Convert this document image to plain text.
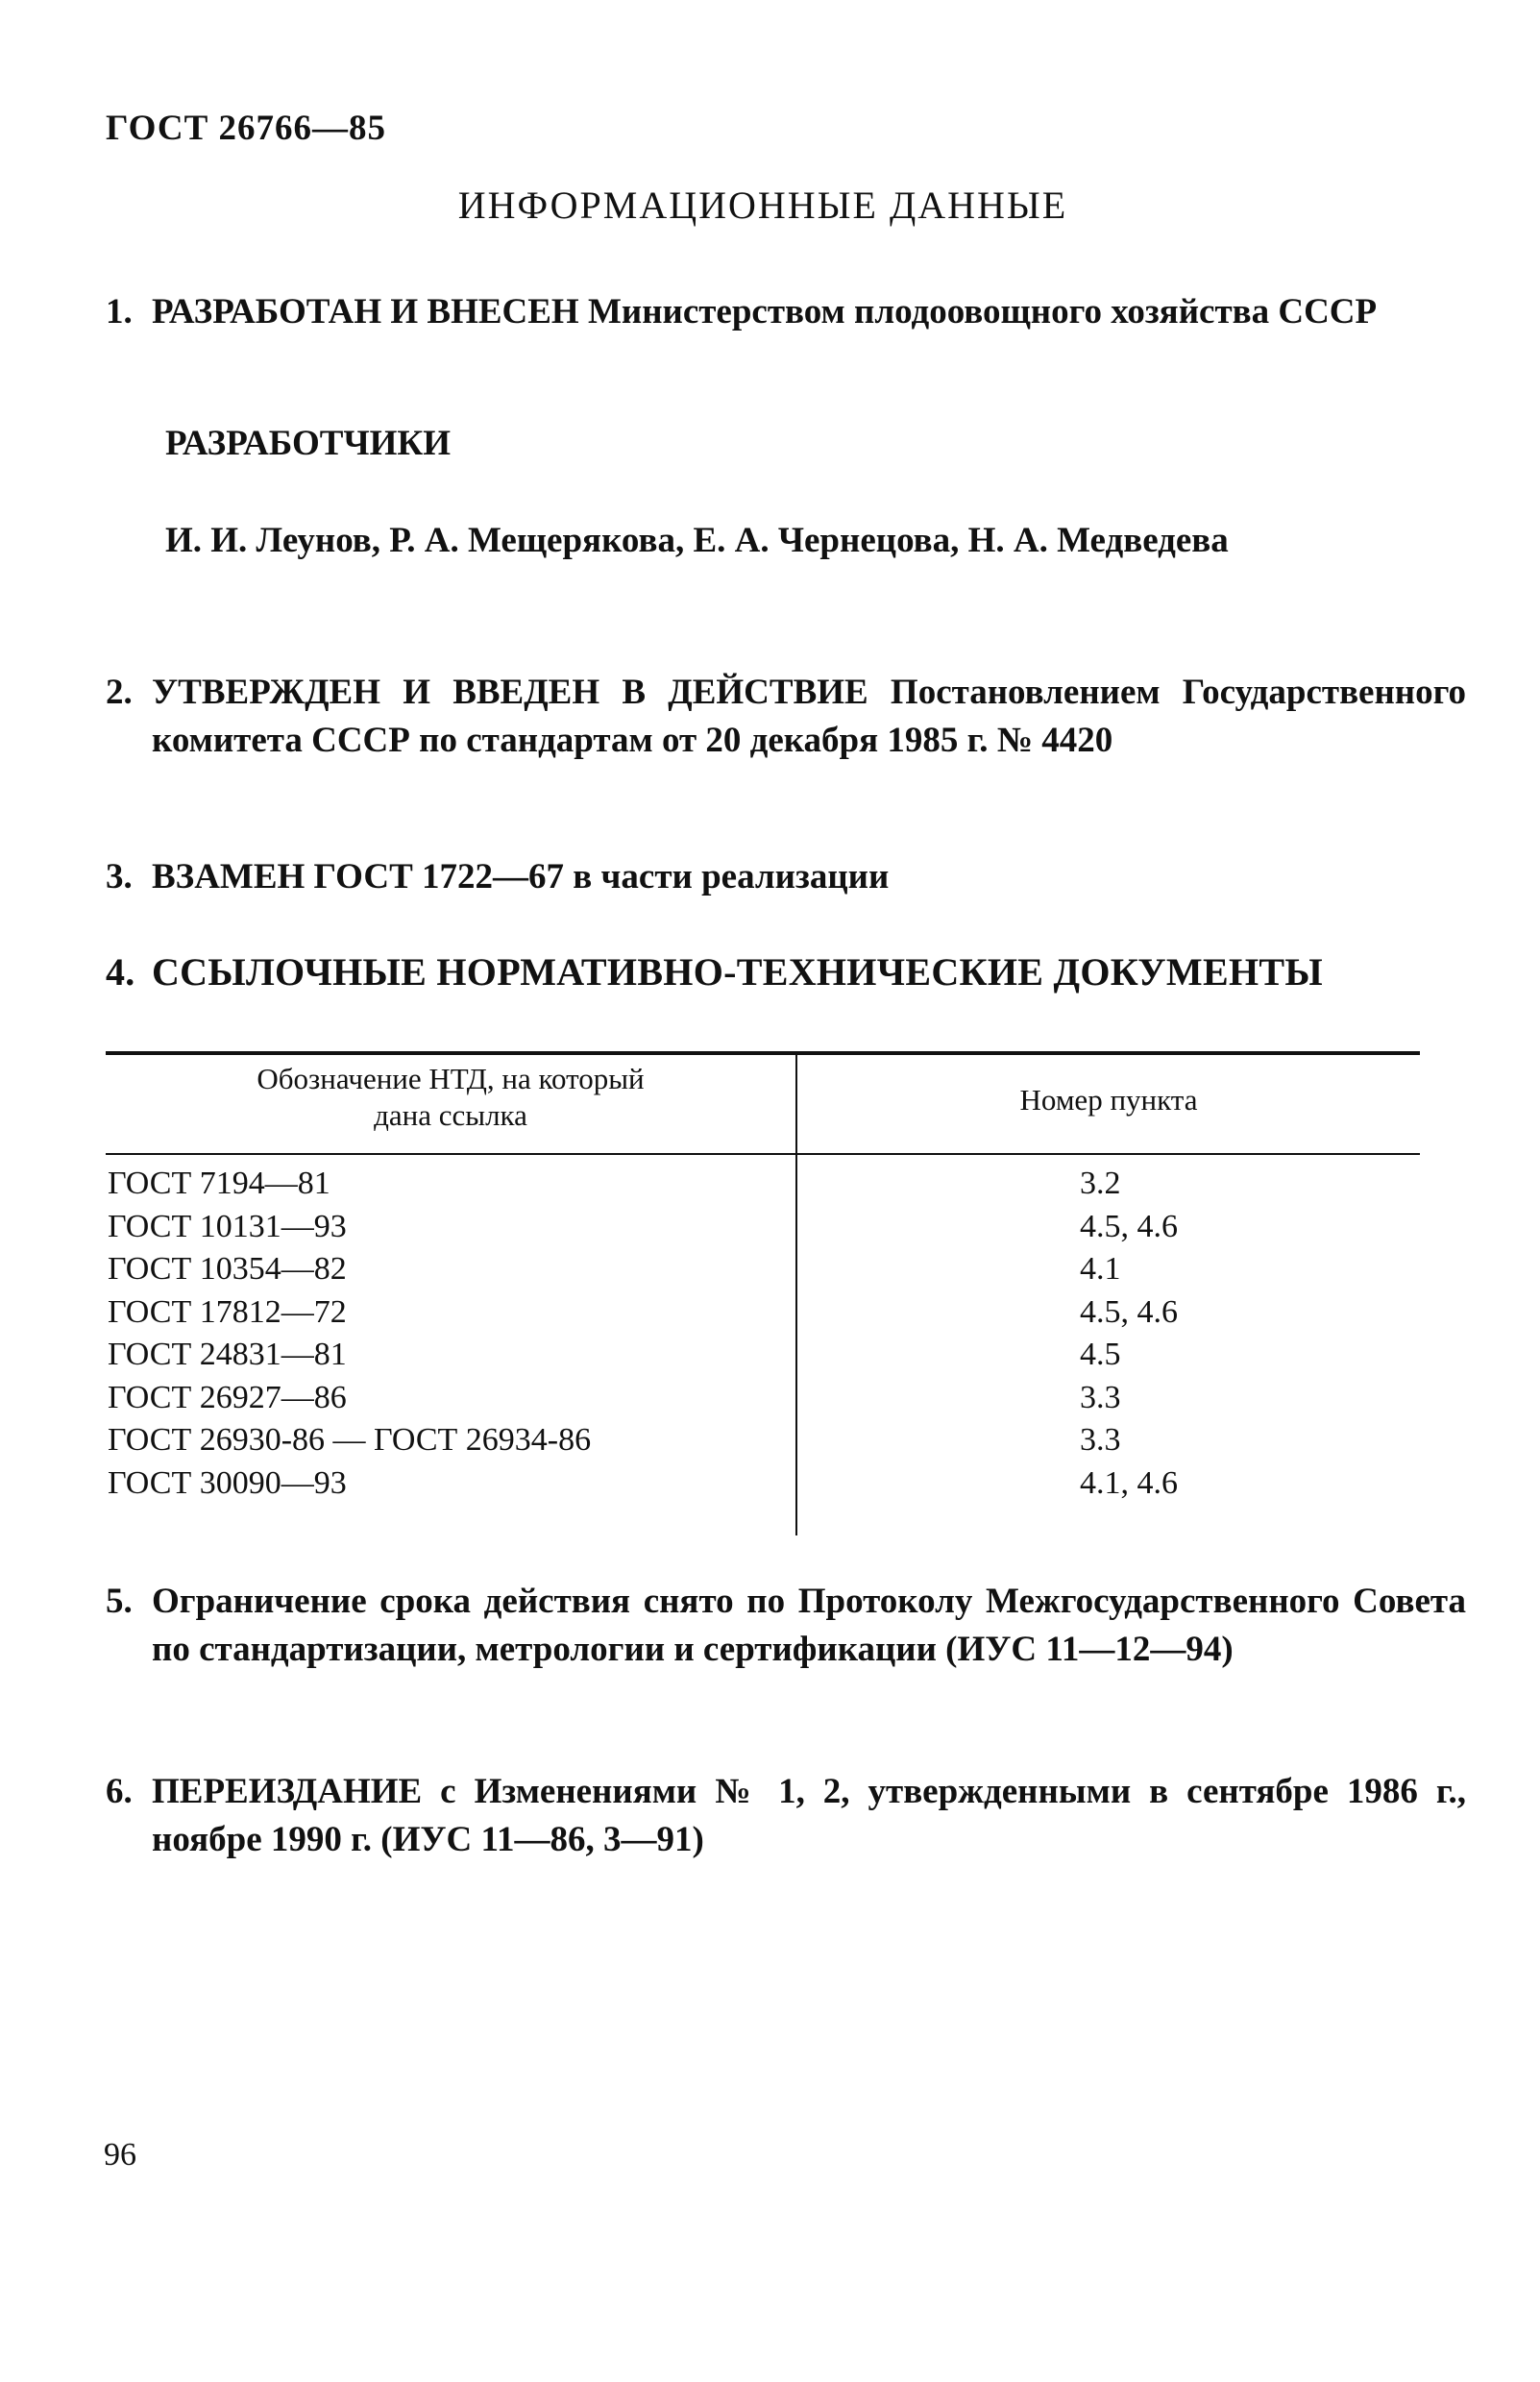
ГОСТ 26766—85

ИНФОРМАЦИОННЫЕ ДАННЫЕ

1. РАЗРАБОТАН И ВНЕСЕН Министерством плодоовощного хозяйства СССР

РАЗРАБОТЧИКИ

И. И. Леунов, Р. А. Мещерякова, Е. А. Чернецова, Н. А. Медведева

2. УТВЕРЖДЕН И ВВЕДЕН В ДЕЙСТВИЕ Постановлением Государственного комитета СССР по стандартам от 20 декабря 1985 г. № 4420

3. ВЗАМЕН ГОСТ 1722—67 в части реализации

4. ССЫЛОЧНЫЕ НОРМАТИВНО-ТЕХНИЧЕСКИЕ ДОКУМЕНТЫ

Обозначение НТД, на который
дана ссылка	Номер пункта
ГОСТ 7194—81	3.2
ГОСТ 10131—93	4.5, 4.6
ГОСТ 10354—82	4.1
ГОСТ 17812—72	4.5, 4.6
ГОСТ 24831—81	4.5
ГОСТ 26927—86	3.3
ГОСТ 26930-86 — ГОСТ 26934-86	3.3
ГОСТ 30090—93	4.1, 4.6

5. Ограничение срока действия снято по Протоколу Межгосударственного Совета по стандартизации, метрологии и сертификации (ИУС 11—12—94)

6. ПЕРЕИЗДАНИЕ с Изменениями № 1, 2, утвержденными в сентябре 1986 г., ноябре 1990 г. (ИУС 11—86, 3—91)

96
